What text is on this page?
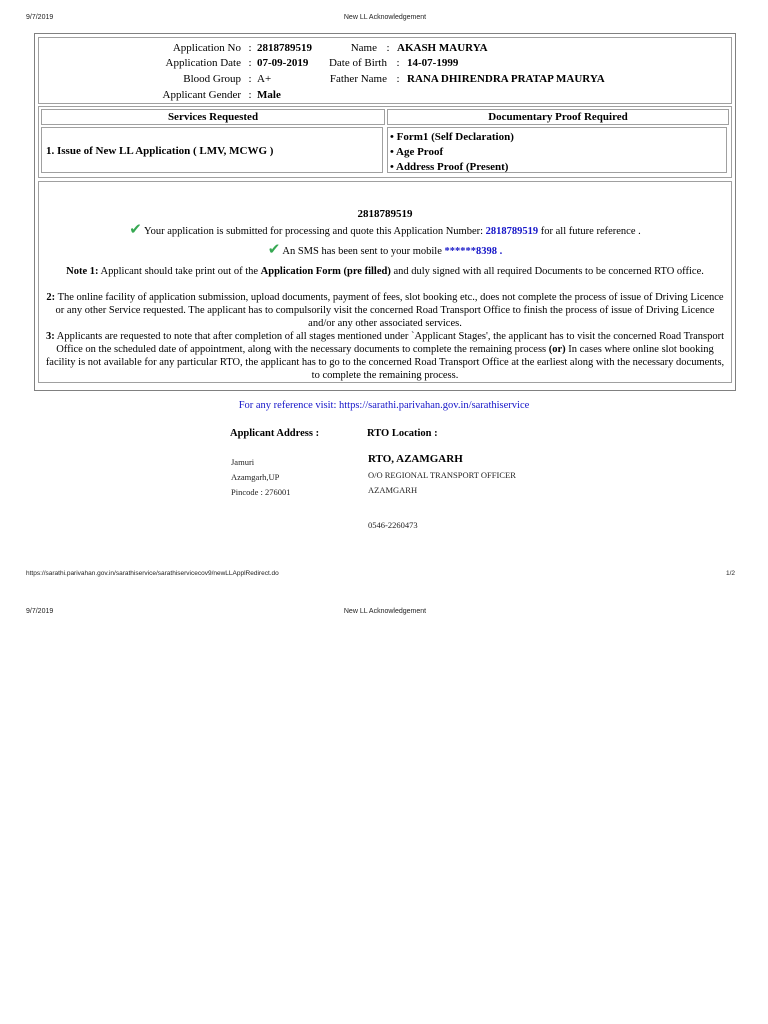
9/7/2019	New LL Acknowledgement
Application No : 2818789519	Name : AKASH MAURYA
Application Date : 07-09-2019	Date of Birth : 14-07-1999
Blood Group : A+	Father Name : RANA DHIRENDRA PRATAP MAURYA
Applicant Gender : Male
Services Requested	Documentary Proof Required
1. Issue of New LL Application ( LMV, MCWG )
• Form1 (Self Declaration)
• Age Proof
• Address Proof (Present)
2818789519
✔ Your application is submitted for processing and quote this Application Number: 2818789519 for all future reference .
✔ An SMS has been sent to your mobile ******8398 .
Note 1: Applicant should take print out of the Application Form (pre filled) and duly signed with all required Documents to be concerned RTO office.
2: The online facility of application submission, upload documents, payment of fees, slot booking etc., does not complete the process of issue of Driving Licence or any other Service requested. The applicant has to compulsorily visit the concerned Road Transport Office to finish the process of issue of Driving Licence and/or any other associated services.
3: Applicants are requested to note that after completion of all stages mentioned under `Applicant Stages', the applicant has to visit the concerned Road Transport Office on the scheduled date of appointment, along with the necessary documents to complete the remaining process (or) In cases where online slot booking facility is not available for any particular RTO, the applicant has to go to the concerned Road Transport Office at the earliest along with the necessary documents, to complete the remaining process.
For any reference visit: https://sarathi.parivahan.gov.in/sarathiservice
Applicant Address :	RTO Location :
Jamuri
Azamgarh,UP
Pincode : 276001
RTO, AZAMGARH
O/O REGIONAL TRANSPORT OFFICER
AZAMGARH
0546-2260473
https://sarathi.parivahan.gov.in/sarathiservice/sarathiservicecov9/newLLApplRedirect.do	1/2
9/7/2019	New LL Acknowledgement
